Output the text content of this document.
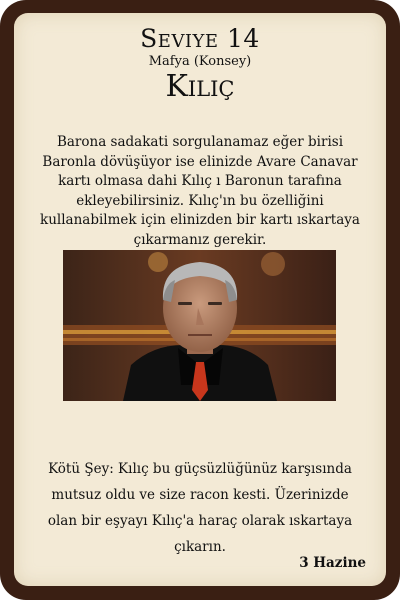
Seviye 14
Mafya (Konsey)
Kılıç
Barona sadakati sorgulanamaz eğer birisi Baronla dövüşüyor ise elinizde Avare Canavar kartı olmasa dahi Kılıç ı Baronun tarafına ekleyebilirsiniz. Kılıç'ın bu özelliğini kullanabilmek için elinizden bir kartı ıskartaya çıkarmanız gerekir.
Kötü Şey: Kılıç bu güçsüzlüğünüz karşısında mutsuz oldu ve size racon kesti. Üzerinizde olan bir eşyayı Kılıç'a haraç olarak ıskartaya çıkarın.
3 Hazine
